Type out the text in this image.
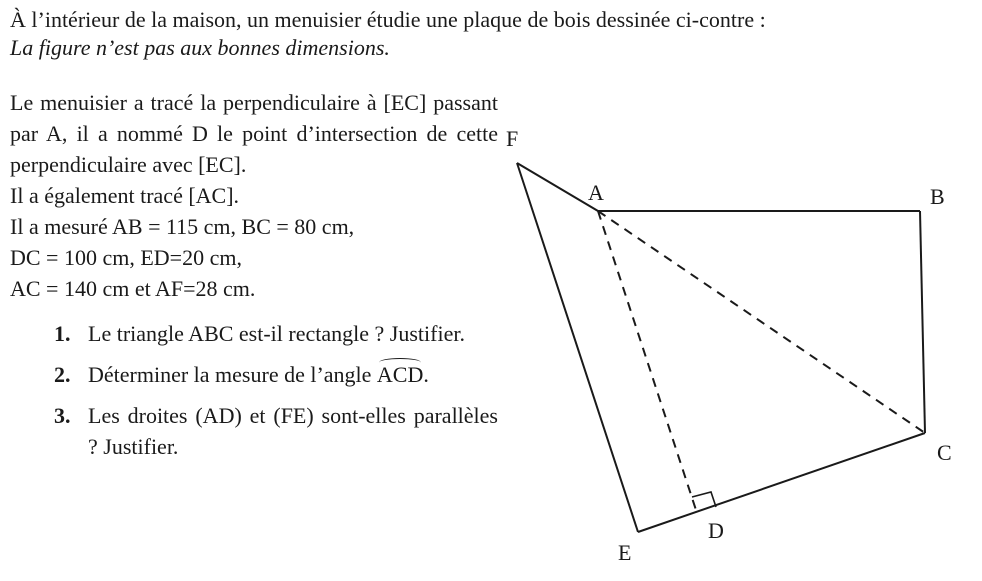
À l’intérieur de la maison, un menuisier étudie une plaque de bois dessinée ci-contre :
La figure n’est pas aux bonnes dimensions.

Le menuisier a tracé la perpendiculaire à [EC] passant par A, il a nommé D le point d’intersection de cette perpendiculaire avec [EC].

Il a également tracé [AC].

Il a mesuré AB = 115 cm, BC = 80 cm,
DC = 100 cm, ED=20 cm,
AC = 140 cm et AF=28 cm.

1. Le triangle ABC est-il rectangle ? Justifier.
2. Déterminer la mesure de l’angle ACD.
3. Les droites (AD) et (FE) sont-elles parallèles ? Justifier.
F
A	B
C
D
E
